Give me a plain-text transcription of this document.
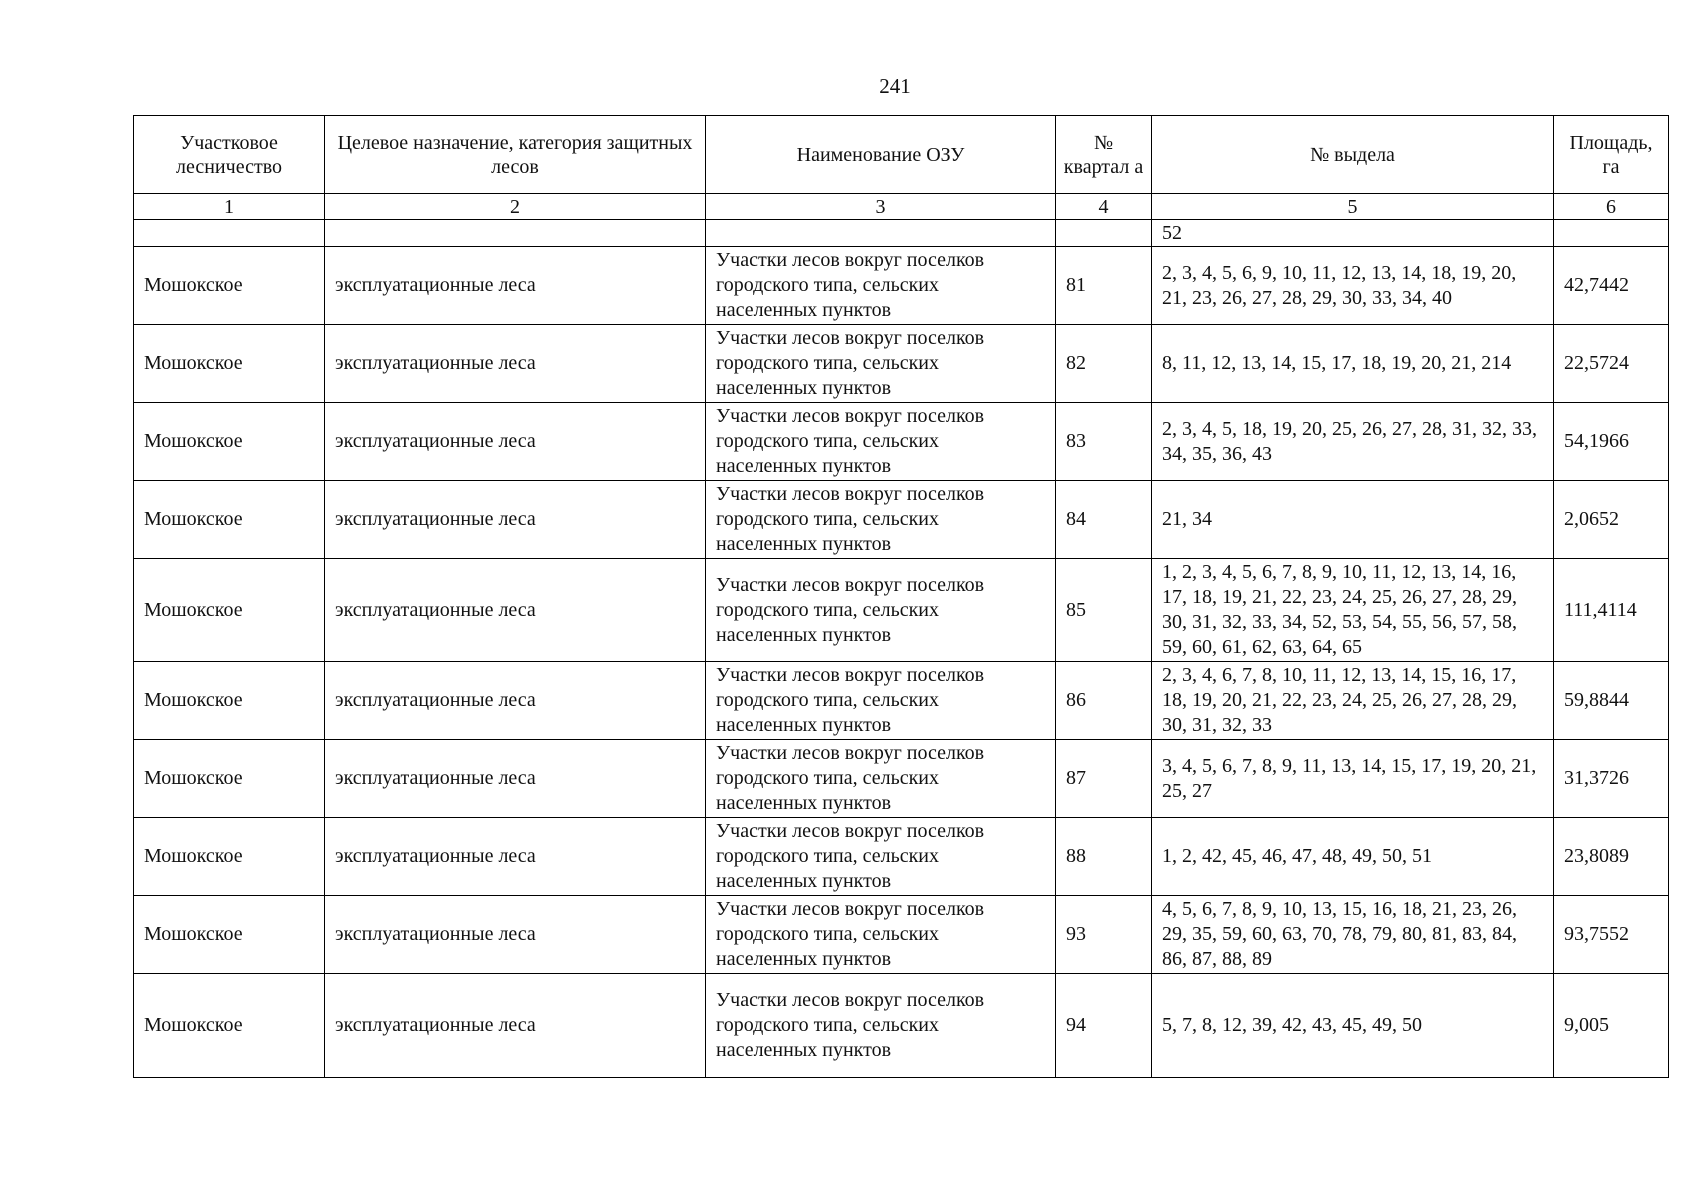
241
Участковое лесничество	Целевое назначение, категория защитных лесов	Наименование ОЗУ	№ квартал а	№ выдела	Площадь, га
1	2	3	4	5	6
				52	
Мошокское	эксплуатационные леса	Участки лесов вокруг поселков городского типа, сельских населенных пунктов	81	2, 3, 4, 5, 6, 9, 10, 11, 12, 13, 14, 18, 19, 20, 21, 23, 26, 27, 28, 29, 30, 33, 34, 40	42,7442
Мошокское	эксплуатационные леса	Участки лесов вокруг поселков городского типа, сельских населенных пунктов	82	8, 11, 12, 13, 14, 15, 17, 18, 19, 20, 21, 214	22,5724
Мошокское	эксплуатационные леса	Участки лесов вокруг поселков городского типа, сельских населенных пунктов	83	2, 3, 4, 5, 18, 19, 20, 25, 26, 27, 28, 31, 32, 33, 34, 35, 36, 43	54,1966
Мошокское	эксплуатационные леса	Участки лесов вокруг поселков городского типа, сельских населенных пунктов	84	21, 34	2,0652
Мошокское	эксплуатационные леса	Участки лесов вокруг поселков городского типа, сельских населенных пунктов	85	1, 2, 3, 4, 5, 6, 7, 8, 9, 10, 11, 12, 13, 14, 16, 17, 18, 19, 21, 22, 23, 24, 25, 26, 27, 28, 29, 30, 31, 32, 33, 34, 52, 53, 54, 55, 56, 57, 58, 59, 60, 61, 62, 63, 64, 65	111,4114
Мошокское	эксплуатационные леса	Участки лесов вокруг поселков городского типа, сельских населенных пунктов	86	2, 3, 4, 6, 7, 8, 10, 11, 12, 13, 14, 15, 16, 17, 18, 19, 20, 21, 22, 23, 24, 25, 26, 27, 28, 29, 30, 31, 32, 33	59,8844
Мошокское	эксплуатационные леса	Участки лесов вокруг поселков городского типа, сельских населенных пунктов	87	3, 4, 5, 6, 7, 8, 9, 11, 13, 14, 15, 17, 19, 20, 21, 25, 27	31,3726
Мошокское	эксплуатационные леса	Участки лесов вокруг поселков городского типа, сельских населенных пунктов	88	1, 2, 42, 45, 46, 47, 48, 49, 50, 51	23,8089
Мошокское	эксплуатационные леса	Участки лесов вокруг поселков городского типа, сельских населенных пунктов	93	4, 5, 6, 7, 8, 9, 10, 13, 15, 16, 18, 21, 23, 26, 29, 35, 59, 60, 63, 70, 78, 79, 80, 81, 83, 84, 86, 87, 88, 89	93,7552
Мошокское	эксплуатационные леса	Участки лесов вокруг поселков городского типа, сельских населенных пунктов	94	5, 7, 8, 12, 39, 42, 43, 45, 49, 50	9,005
